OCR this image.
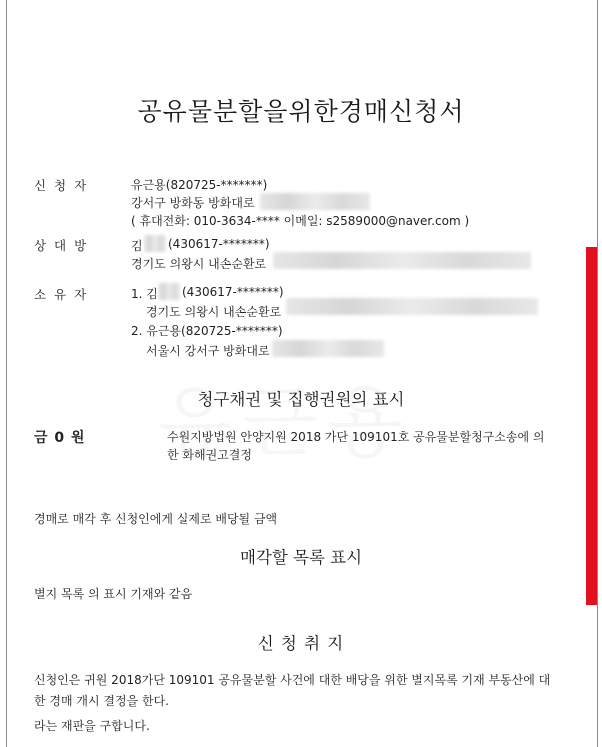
공유물분할을위한경매신청서
신 청 자	유근용(820725-*******)
강서구 방화동 방화대로
( 휴대전화: 010-3634-**** 이메일: s2589000@naver.com )
상 대 방	김 (430617-*******)
경기도 의왕시 내손순환로
소 유 자	1. 김 (430617-*******)
경기도 의왕시 내손순환로
2. 유근용(820725-*******)
서울시 강서구 방화대로
청구채권 및 집행권원의 표시
금 0 원	수원지방법원 안양지원 2018 가단 109101호 공유물분할청구소송에 의
한 화해권고결정
경매로 매각 후 신청인에게 실제로 배당될 금액
매각할 목록 표시
별지 목록 의 표시 기재와 같음
신 청 취 지
신청인은 귀원 2018가단 109101 공유물분할 사건에 대한 배당을 위한 별지목록 기재 부동산에 대
한 경매 개시 결정을 한다.
라는 재판을 구합니다.
